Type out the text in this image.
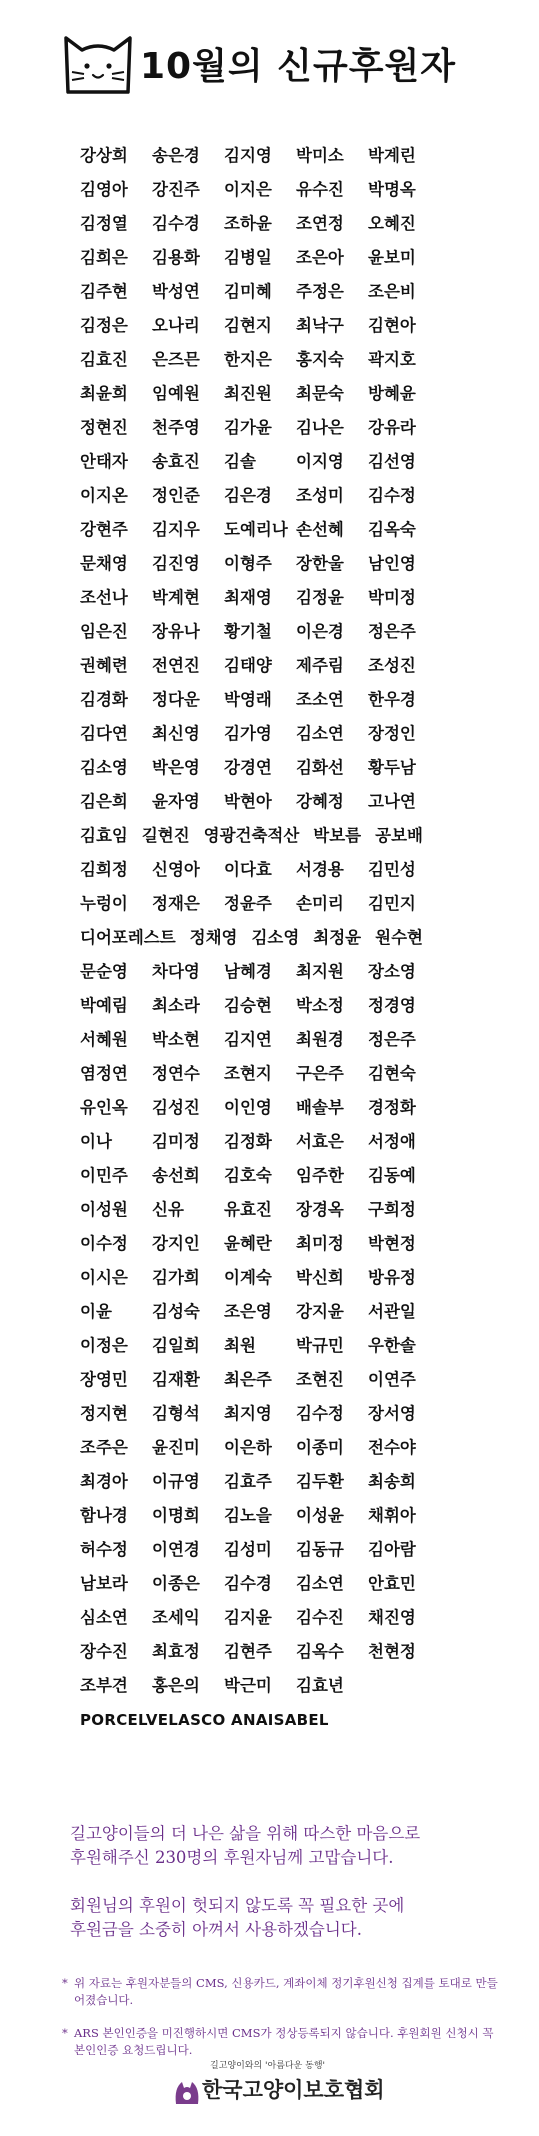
10월의 신규후원자
강상희 송은경 김지영 박미소 박계린
김영아 강진주 이지은 유수진 박명옥
김정열 김수경 조하윤 조연정 오혜진
김희은 김용화 김병일 조은아 윤보미
김주현 박성연 김미혜 주정은 조은비
김정은 오나리 김현지 최낙구 김현아
김효진 은즈믄 한지은 홍지숙 곽지호
최윤희 임예원 최진원 최문숙 방혜윤
정현진 천주영 김가윤 김나은 강유라
안태자 송효진 김솔 이지영 김선영
이지온 정인준 김은경 조성미 김수정
강현주 김지우 도예리나 손선혜 김옥숙
문채영 김진영 이형주 장한울 남인영
조선나 박계현 최재영 김정윤 박미정
임은진 장유나 황기철 이은경 정은주
권혜련 전연진 김태양 제주림 조성진
김경화 정다운 박영래 조소연 한우경
김다연 최신영 김가영 김소연 장정인
김소영 박은영 강경연 김화선 황두남
김은희 윤자영 박현아 강혜정 고나연
김효임 길현진 영광건축적산 박보름 공보배
김희정 신영아 이다효 서경용 김민성
누렁이 정재은 정윤주 손미리 김민지
디어포레스트 정채영 김소영 최정윤 원수현
문순영 차다영 남혜경 최지원 장소영
박예림 최소라 김승현 박소정 정경영
서혜원 박소현 김지연 최원경 정은주
염정연 정연수 조현지 구은주 김현숙
유인옥 김성진 이인영 배솔부 경정화
이나 김미정 김정화 서효은 서정애
이민주 송선희 김호숙 임주한 김동예
이성원 신유 유효진 장경옥 구희정
이수정 강지인 윤혜란 최미정 박현정
이시은 김가희 이계숙 박신희 방유정
이윤 김성숙 조은영 강지윤 서관일
이정은 김일희 최원 박규민 우한솔
장영민 김재환 최은주 조현진 이연주
정지현 김형석 최지영 김수정 장서영
조주은 윤진미 이은하 이종미 전수야
최경아 이규영 김효주 김두환 최송희
함나경 이명희 김노을 이성윤 채휘아
허수정 이연경 김성미 김동규 김아람
남보라 이종은 김수경 김소연 안효민
심소연 조세익 김지윤 김수진 채진영
장수진 최효정 김현주 김옥수 천현정
조부견 홍은의 박근미 김효년
PORCELVELASCO ANAISABEL

길고양이들의 더 나은 삶을 위해 따스한 마음으로

후원해주신 230명의 후원자님께 고맙습니다.

회원님의 후원이 헛되지 않도록 꼭 필요한 곳에

후원금을 소중히 아껴서 사용하겠습니다.

* 위 자료는 후원자분들의 CMS, 신용카드, 계좌이체 정기후원신청 집계를 토대로 만들어졌습니다.
* ARS 본인인증을 미진행하시면 CMS가 정상등록되지 않습니다. 후원회원 신청시 꼭 본인인증 요청드립니다.
길고양이와의 '아름다운 동행'
한국고양이보호협회
